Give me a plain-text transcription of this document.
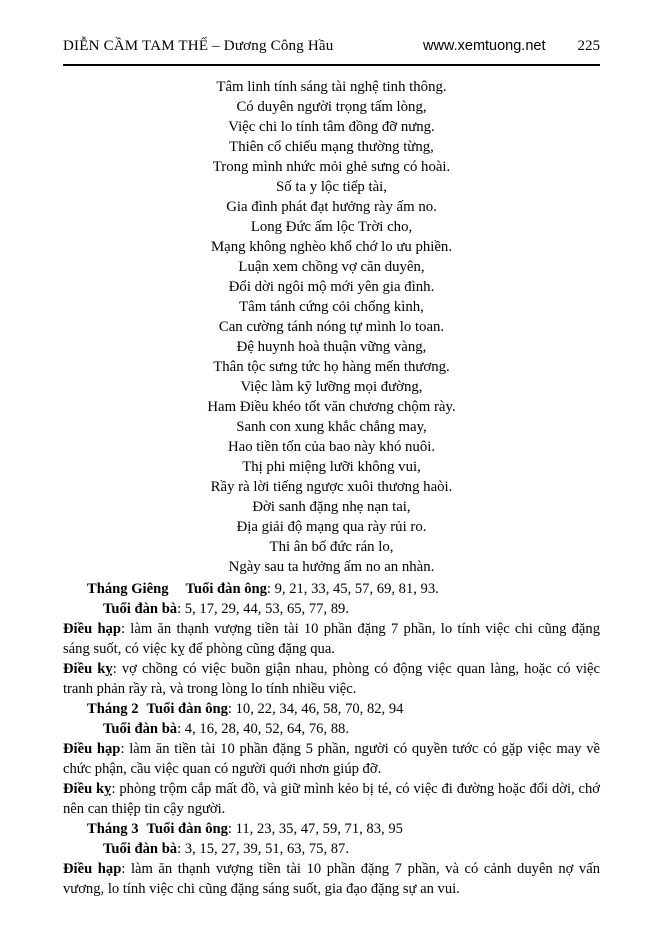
DIỄN CẦM TAM THẾ – Dương Công Hầu	www.xemtuong.net 225
Tâm linh tính sáng tài nghệ tinh thông.
Có duyên người trọng tấm lòng,
Việc chi lo tính tâm đồng đỡ nưng.
Thiên cổ chiếu mạng thường từng,
Trong mình nhức mỏi ghẻ sưng có hoài.
Số ta y lộc tiếp tài,
Gia đình phát đạt hưởng rày ấm no.
Long Đức ấm lộc Trời cho,
Mạng không nghèo khổ chớ lo ưu phiền.
Luận xem chồng vợ căn duyên,
Đổi dời ngôi mộ mới yên gia đình.
Tâm tánh cứng cỏi chống kình,
Can cường tánh nóng tự mình lo toan.
Đệ huynh hoà thuận vững vàng,
Thân tộc sưng tức họ hàng mến thương.
Việc làm kỹ lưỡng mọi đường,
Ham Điều khéo tốt văn chương chộm rày.
Sanh con xung khắc chẳng may,
Hao tiền tốn của bao này khó nuôi.
Thị phi miệng lưỡi không vui,
Rầy rà lời tiếng ngược xuôi thương haòi.
Đời sanh đặng nhẹ nạn tai,
Địa giải độ mạng qua rày rủi ro.
Thi ân bố đức rán lo,
Ngày sau ta hưởng ấm no an nhàn.
Tháng Giêng Tuổi đàn ông: 9, 21, 33, 45, 57, 69, 81, 93.
Tuổi đàn bà: 5, 17, 29, 44, 53, 65, 77, 89.
Điều hạp: làm ăn thạnh vượng tiền tài 10 phần đặng 7 phần, lo tính việc chi cũng đặng sáng suốt, có việc kỵ để phòng cũng đặng qua.
Điều kỵ: vợ chồng có việc buồn giận nhau, phòng có động việc quan làng, hoặc có việc tranh phản rầy rà, và trong lòng lo tính nhiều việc.
Tháng 2 Tuổi đàn ông: 10, 22, 34, 46, 58, 70, 82, 94
Tuổi đàn bà: 4, 16, 28, 40, 52, 64, 76, 88.
Điều hạp: làm ăn tiền tài 10 phần đặng 5 phần, người có quyền tước có gặp việc may về chức phận, cầu việc quan có người quới nhơn giúp đỡ.
Điều kỵ: phòng trộm cắp mất đồ, và giữ mình kẻo bị té, có việc đi đường hoặc đổi dời, chớ nên can thiệp tin cậy người.
Tháng 3 Tuổi đàn ông: 11, 23, 35, 47, 59, 71, 83, 95
Tuổi đàn bà: 3, 15, 27, 39, 51, 63, 75, 87.
Điều hạp: làm ăn thạnh vượng tiền tài 10 phần đặng 7 phần, và có cảnh duyên nợ vấn vương, lo tính việc chi cũng đặng sáng suốt, gia đạo đặng sự an vui.
